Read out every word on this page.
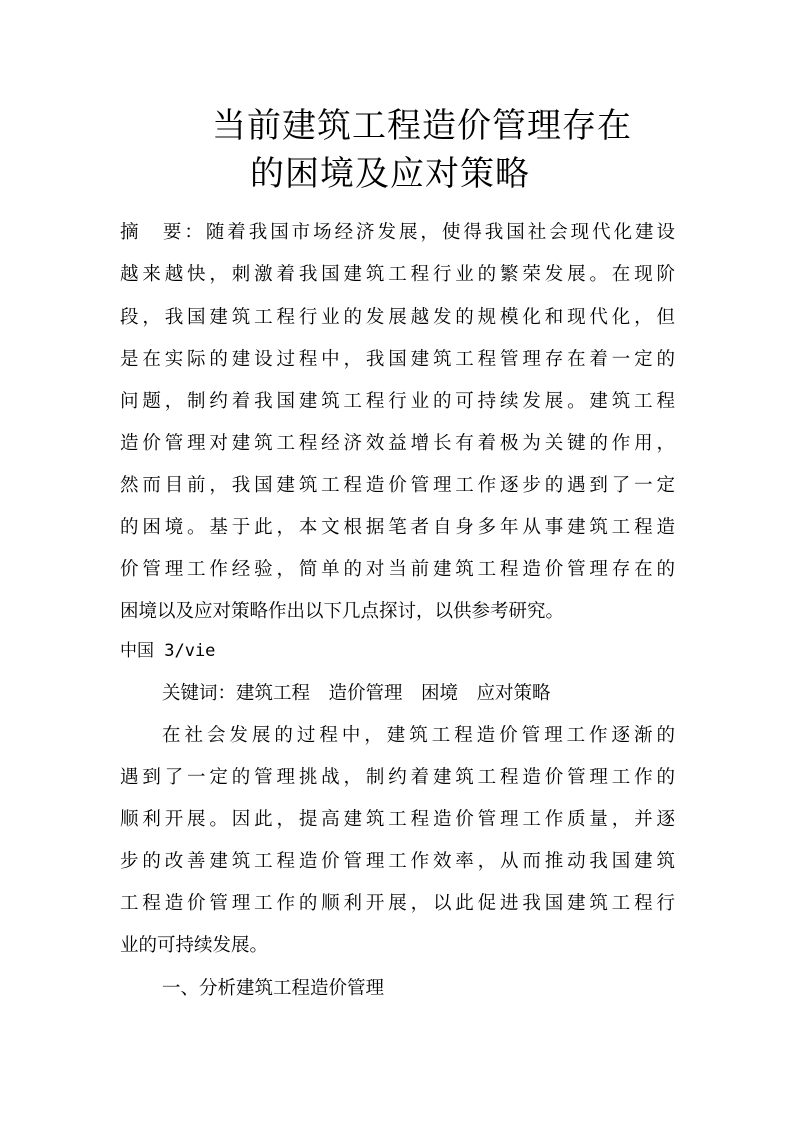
当前建筑工程造价管理存在
的困境及应对策略
摘　要：随着我国市场经济发展，使得我国社会现代化建设
越来越快，刺激着我国建筑工程行业的繁荣发展。在现阶
段，我国建筑工程行业的发展越发的规模化和现代化，但
是在实际的建设过程中，我国建筑工程管理存在着一定的
问题，制约着我国建筑工程行业的可持续发展。建筑工程
造价管理对建筑工程经济效益增长有着极为关键的作用，
然而目前，我国建筑工程造价管理工作逐步的遇到了一定
的困境。基于此，本文根据笔者自身多年从事建筑工程造
价管理工作经验，简单的对当前建筑工程造价管理存在的
困境以及应对策略作出以下几点探讨，以供参考研究。
中国 3/vie
关键词：建筑工程　造价管理　困境　应对策略
在社会发展的过程中，建筑工程造价管理工作逐渐的
遇到了一定的管理挑战，制约着建筑工程造价管理工作的
顺利开展。因此，提高建筑工程造价管理工作质量，并逐
步的改善建筑工程造价管理工作效率，从而推动我国建筑
工程造价管理工作的顺利开展，以此促进我国建筑工程行
业的可持续发展。
一、分析建筑工程造价管理
